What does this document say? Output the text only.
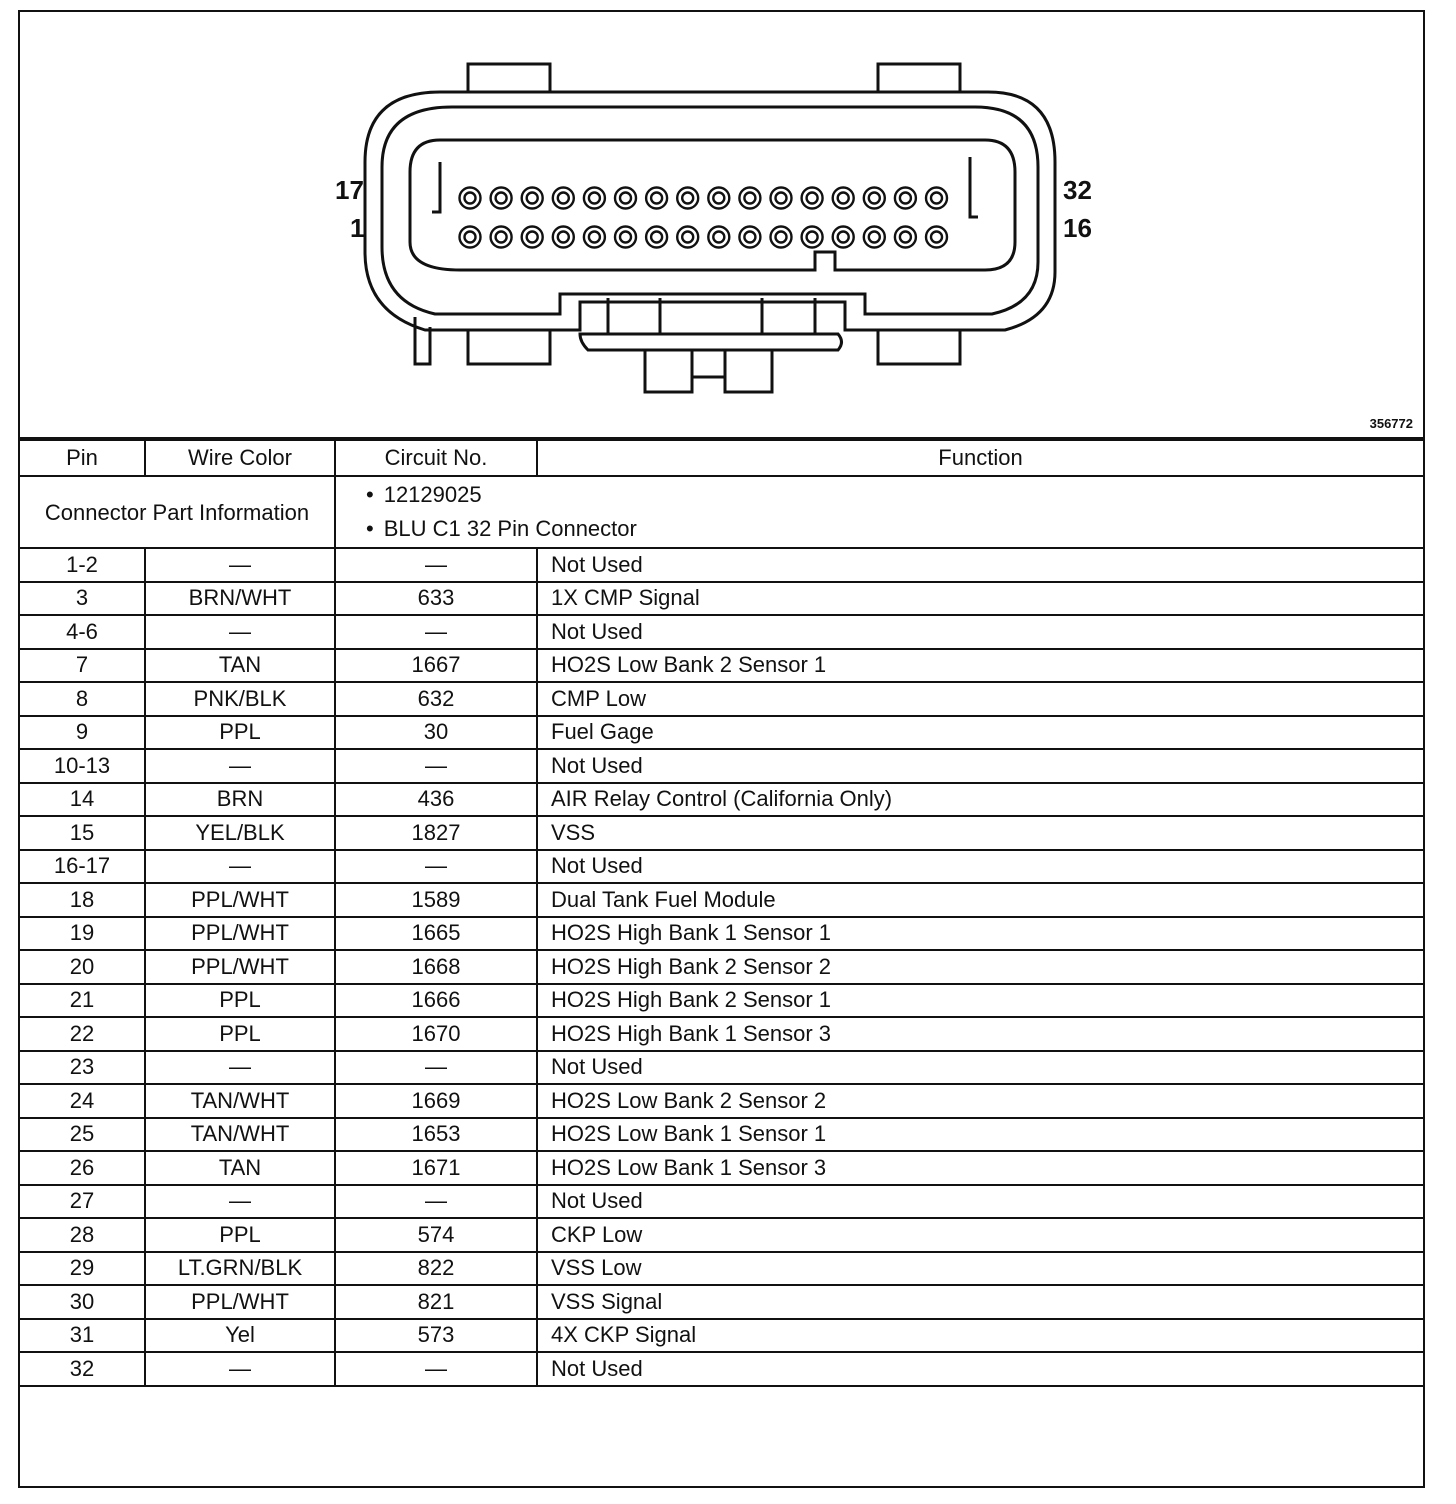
17
1
32
16
356772
Connector Part Information		• 12129025
• BLU C1 32 Pin Connector

Pin	Wire Color	Circuit No.	Function
1-2	—	—	Not Used
3	BRN/WHT	633	1X CMP Signal
4-6	—	—	Not Used
7	TAN	1667	HO2S Low Bank 2 Sensor 1
8	PNK/BLK	632	CMP Low
9	PPL	30	Fuel Gage
10-13	—	—	Not Used
14	BRN	436	AIR Relay Control (California Only)
15	YEL/BLK	1827	VSS
16-17	—	—	Not Used
18	PPL/WHT	1589	Dual Tank Fuel Module
19	PPL/WHT	1665	HO2S High Bank 1 Sensor 1
20	PPL/WHT	1668	HO2S High Bank 2 Sensor 2
21	PPL	1666	HO2S High Bank 2 Sensor 1
22	PPL	1670	HO2S High Bank 1 Sensor 3
23	—	—	Not Used
24	TAN/WHT	1669	HO2S Low Bank 2 Sensor 2
25	TAN/WHT	1653	HO2S Low Bank 1 Sensor 1
26	TAN	1671	HO2S Low Bank 1 Sensor 3
27	—	—	Not Used
28	PPL	574	CKP Low
29	LT.GRN/BLK	822	VSS Low
30	PPL/WHT	821	VSS Signal
31	Yel	573	4X CKP Signal
32	—	—	Not Used
